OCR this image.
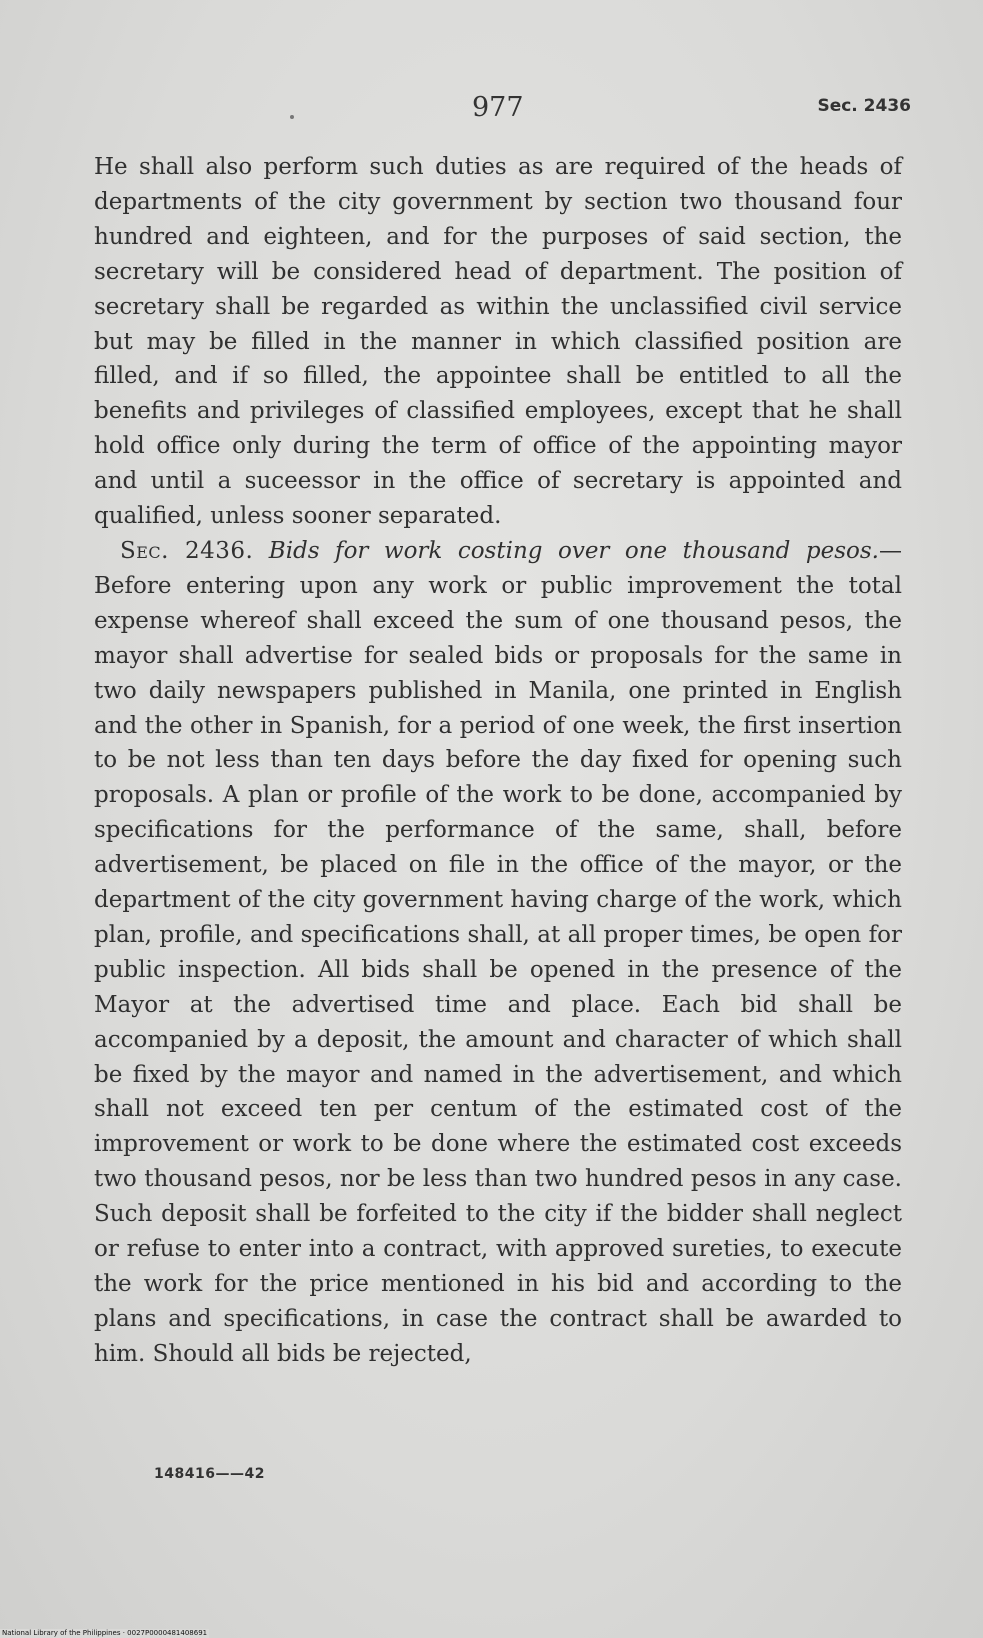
977	Sec. 2436

He shall also perform such duties as are required of the heads of departments of the city government by section two thousand four hundred and eighteen, and for the purposes of said section, the secretary will be considered head of department. The position of secretary shall be regarded as within the unclassified civil service but may be filled in the manner in which classified position are filled, and if so filled, the appointee shall be entitled to all the benefits and privileges of classified employees, except that he shall hold office only during the term of office of the appointing mayor and until a suceessor in the office of secretary is appointed and qualified, unless sooner separated.

Sec. 2436. Bids for work costing over one thousand pesos.—Before entering upon any work or public improvement the total expense whereof shall exceed the sum of one thousand pesos, the mayor shall advertise for sealed bids or proposals for the same in two daily newspapers published in Manila, one printed in English and the other in Spanish, for a period of one week, the first insertion to be not less than ten days before the day fixed for opening such proposals. A plan or profile of the work to be done, accompanied by specifications for the performance of the same, shall, before advertisement, be placed on file in the office of the mayor, or the department of the city government having charge of the work, which plan, profile, and specifications shall, at all proper times, be open for public inspection. All bids shall be opened in the presence of the Mayor at the advertised time and place. Each bid shall be accompanied by a deposit, the amount and character of which shall be fixed by the mayor and named in the advertisement, and which shall not exceed ten per centum of the estimated cost of the improvement or work to be done where the estimated cost exceeds two thousand pesos, nor be less than two hundred pesos in any case. Such deposit shall be forfeited to the city if the bidder shall neglect or refuse to enter into a contract, with approved sureties, to execute the work for the price mentioned in his bid and according to the plans and specifications, in case the contract shall be awarded to him. Should all bids be rejected,

148416——42
National Library of the Philippines · 0027P0000481408691
